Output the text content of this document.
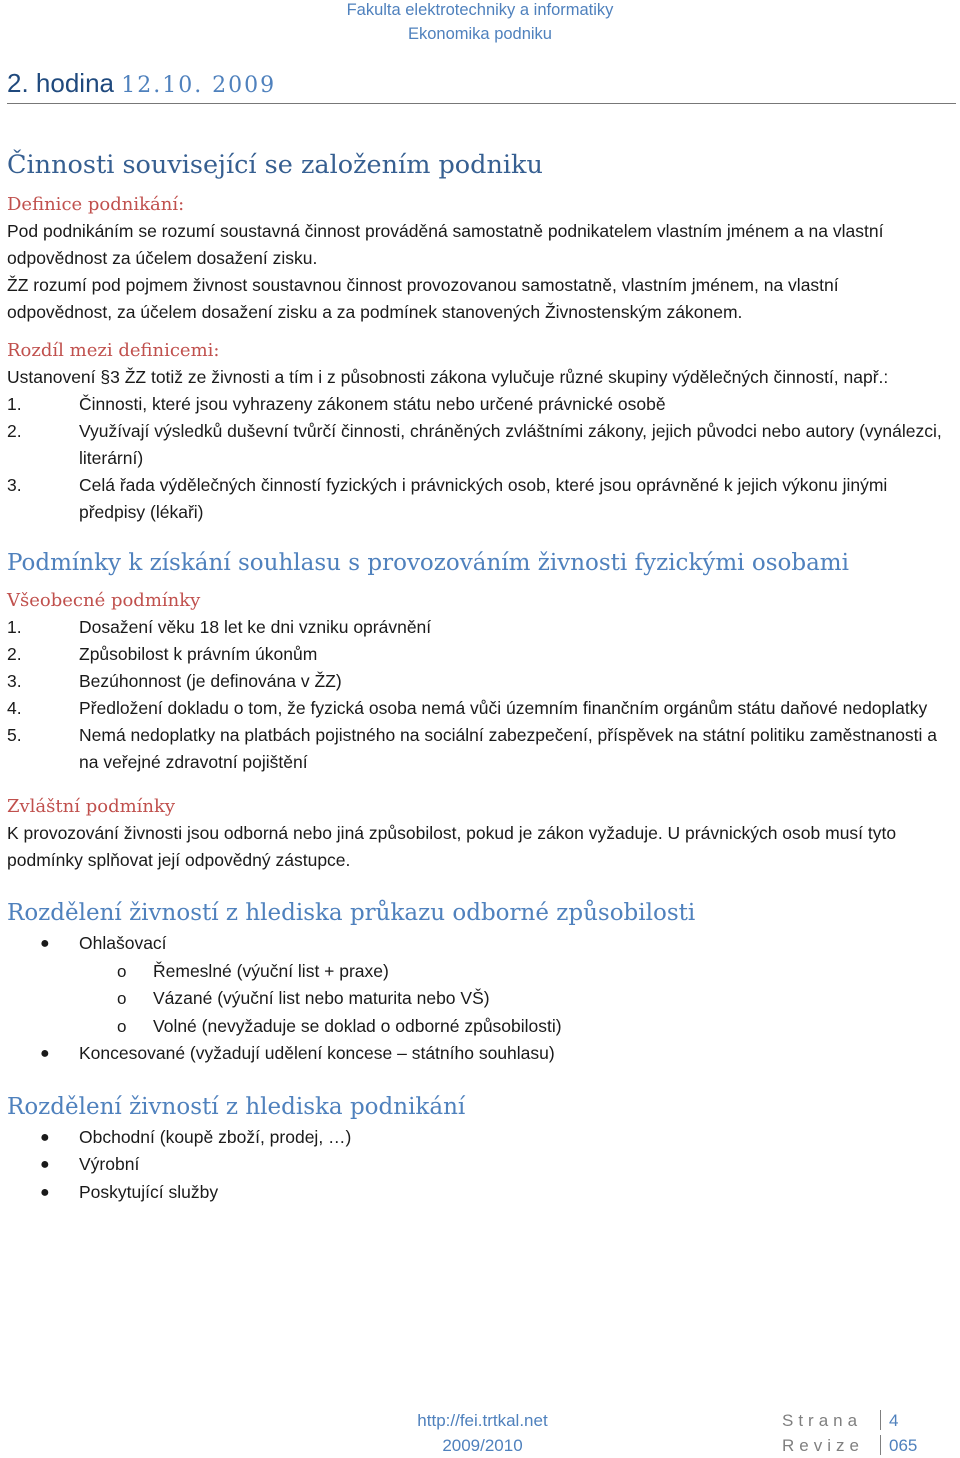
Fakulta elektrotechniky a informatiky
Ekonomika podniku
2. hodina 12.10. 2009
Činnosti související se založením podniku
Definice podnikání:

Pod podnikáním se rozumí soustavná činnost prováděná samostatně podnikatelem vlastním jménem a na vlastní odpovědnost za účelem dosažení zisku.

ŽZ rozumí pod pojmem živnost soustavnou činnost provozovanou samostatně, vlastním jménem, na vlastní odpovědnost, za účelem dosažení zisku a za podmínek stanovených Živnostenským zákonem.

Rozdíl mezi definicemi:

Ustanovení §3 ŽZ totiž ze živnosti a tím i z působnosti zákona vylučuje různé skupiny výdělečných činností, např.:

1.	Činnosti, které jsou vyhrazeny zákonem státu nebo určené právnické osobě
2.	Využívají výsledků duševní tvůrčí činnosti, chráněných zvláštními zákony, jejich původci nebo autory (vynálezci, literární)
3.	Celá řada výdělečných činností fyzických i právnických osob, které jsou oprávněné k jejich výkonu jinými předpisy (lékaři)
Podmínky k získání souhlasu s provozováním živnosti fyzickými osobami
Všeobecné podmínky
1.	Dosažení věku 18 let ke dni vzniku oprávnění
2.	Způsobilost k právním úkonům
3.	Bezúhonnost (je definována v ŽZ)
4.	Předložení dokladu o tom, že fyzická osoba nemá vůči územním finančním orgánům státu daňové nedoplatky
5.	Nemá nedoplatky na platbách pojistného na sociální zabezpečení, příspěvek na státní politiku zaměstnanosti a na veřejné zdravotní pojištění
Zvláštní podmínky

K provozování živnosti jsou odborná nebo jiná způsobilost, pokud je zákon vyžaduje. U právnických osob musí tyto podmínky splňovat její odpovědný zástupce.

Rozdělení živností z hlediska průkazu odborné způsobilosti
● Ohlašovací
o Řemeslné (výuční list + praxe)
o Vázané (výuční list nebo maturita nebo VŠ)
o Volné (nevyžaduje se doklad o odborné způsobilosti)
● Koncesované (vyžadují udělení koncese – státního souhlasu)
Rozdělení živností z hlediska podnikání
● Obchodní (koupě zboží, prodej, …)
● Výrobní
● Poskytující služby
http://fei.trtkal.net
2009/2010
Strana 4
Revize 065
